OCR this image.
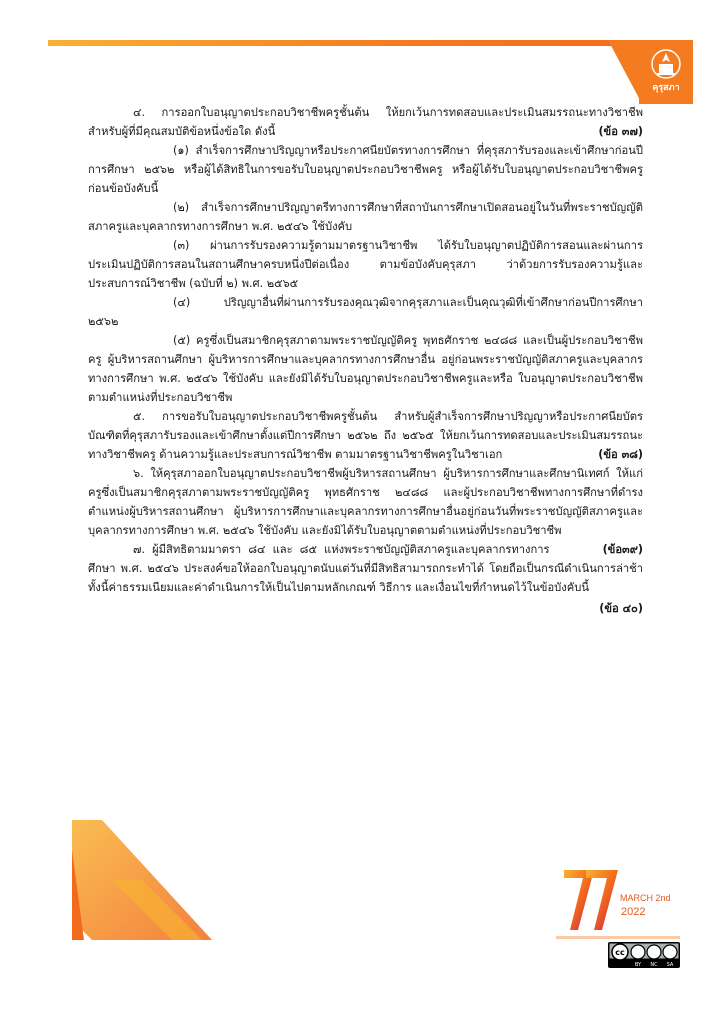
คุรุสภา

๔. การออกใบอนุญาตประกอบวิชาชีพครูชั้นต้น ให้ยกเว้นการทดสอบและประเมินสมรรถนะทางวิชาชีพสำหรับผู้ที่มีคุณสมบัติข้อหนึ่งข้อใด ดังนี้	(ข้อ ๓๗)

(๑) สำเร็จการศึกษาปริญญาหรือประกาศนียบัตรทางการศึกษา ที่คุรุสภารับรองและเข้าศึกษาก่อนปีการศึกษา ๒๕๖๒ หรือผู้ได้สิทธิในการขอรับใบอนุญาตประกอบวิชาชีพครู หรือผู้ได้รับใบอนุญาตประกอบวิชาชีพครู ก่อนข้อบังคับนี้

(๒) สำเร็จการศึกษาปริญญาตรีทางการศึกษาที่สถาบันการศึกษาเปิดสอนอยู่ในวันที่พระราชบัญญัติสภาครูและบุคลากรทางการศึกษา พ.ศ. ๒๕๔๖ ใช้บังคับ

(๓) ผ่านการรับรองความรู้ตามมาตรฐานวิชาชีพ ได้รับใบอนุญาตปฏิบัติการสอนและผ่านการประเมินปฏิบัติการสอนในสถานศึกษาครบหนึ่งปีต่อเนื่อง ตามข้อบังคับคุรุสภา ว่าด้วยการรับรองความรู้และประสบการณ์วิชาชีพ (ฉบับที่ ๒) พ.ศ. ๒๕๖๕

(๔) ปริญญาอื่นที่ผ่านการรับรองคุณวุฒิจากคุรุสภาและเป็นคุณวุฒิที่เข้าศึกษาก่อนปีการศึกษา ๒๕๖๒

(๕) ครูซึ่งเป็นสมาชิกคุรุสภาตามพระราชบัญญัติครู พุทธศักราช ๒๔๘๘ และเป็นผู้ประกอบวิชาชีพครู ผู้บริหารสถานศึกษา ผู้บริหารการศึกษาและบุคลากรทางการศึกษาอื่น อยู่ก่อนพระราชบัญญัติสภาครูและบุคลากรทางการศึกษา พ.ศ. ๒๕๔๖ ใช้บังคับ และยังมิได้รับใบอนุญาตประกอบวิชาชีพครูและหรือ ใบอนุญาตประกอบวิชาชีพตามตำแหน่งที่ประกอบวิชาชีพ

๕. การขอรับใบอนุญาตประกอบวิชาชีพครูชั้นต้น สำหรับผู้สำเร็จการศึกษาปริญญาหรือประกาศนียบัตรบัณฑิตที่คุรุสภารับรองและเข้าศึกษาตั้งแต่ปีการศึกษา ๒๕๖๒ ถึง ๒๕๖๕ ให้ยกเว้นการทดสอบและประเมินสมรรถนะทางวิชาชีพครู ด้านความรู้และประสบการณ์วิชาชีพ ตามมาตรฐานวิชาชีพครูในวิชาเอก	(ข้อ ๓๘)

๖. ให้คุรุสภาออกใบอนุญาตประกอบวิชาชีพผู้บริหารสถานศึกษา ผู้บริหารการศึกษาและศึกษานิเทศก์ ให้แก่ครูซึ่งเป็นสมาชิกคุรุสภาตามพระราชบัญญัติครู พุทธศักราช ๒๔๘๘ และผู้ประกอบวิชาชีพทางการศึกษาที่ดำรงตำแหน่งผู้บริหารสถานศึกษา ผู้บริหารการศึกษาและบุคลากรทางการศึกษาอื่นอยู่ก่อนวันที่พระราชบัญญัติสภาครูและบุคลากรทางการศึกษา พ.ศ. ๒๕๔๖ ใช้บังคับ และยังมิได้รับใบอนุญาตตามตำแหน่งที่ประกอบวิชาชีพ
(ข้อ๓๙)

๗. ผู้มีสิทธิตามมาตรา ๘๔ และ ๘๕ แห่งพระราชบัญญัติสภาครูและบุคลากรทางการศึกษา พ.ศ. ๒๕๔๖ ประสงค์ขอให้ออกใบอนุญาตนับแต่วันที่มีสิทธิสามารถกระทำได้ โดยถือเป็นกรณีดำเนินการล่าช้า ทั้งนี้ค่าธรรมเนียมและค่าดำเนินการให้เป็นไปตามหลักเกณฑ์ วิธีการ และเงื่อนไขที่กำหนดไว้ในข้อบังคับนี้

(ข้อ ๔๐)

MARCH 2nd
2022
cc
BY NC SA
